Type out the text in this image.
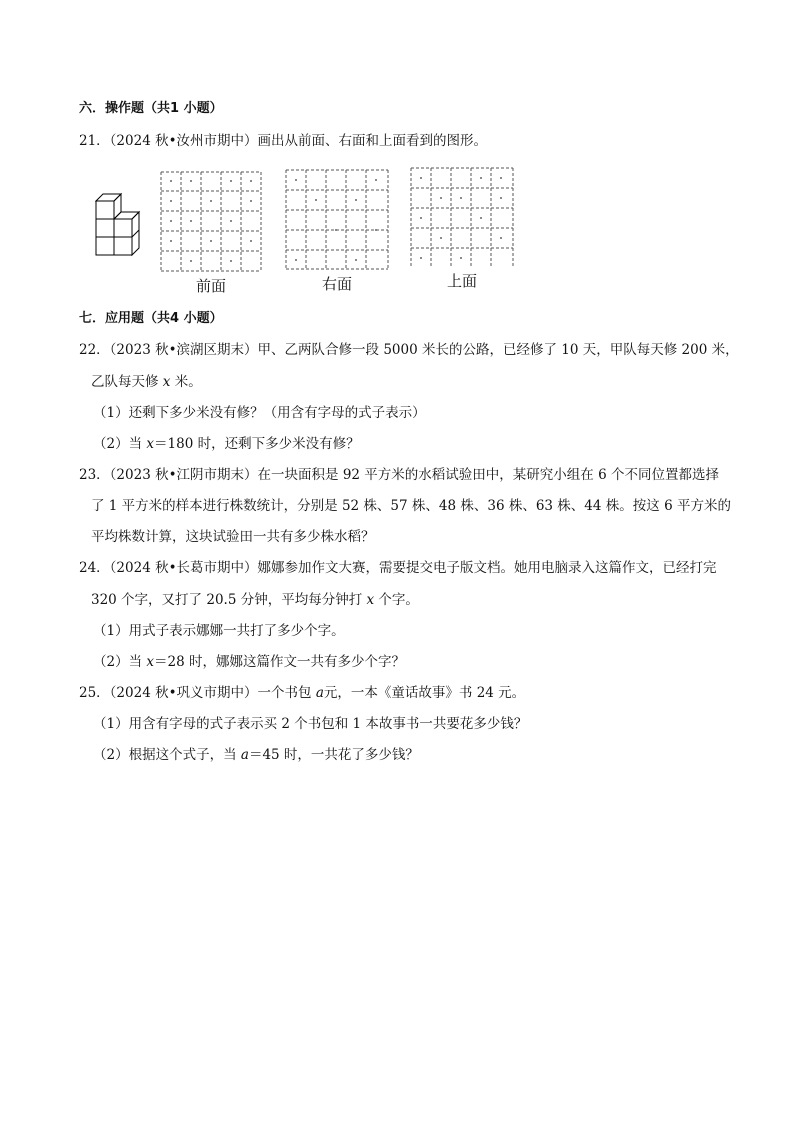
六．操作题（共1 小题）
21．（2024 秋•汝州市期中）画出从前面、右面和上面看到的图形。
前面	右面	上面
七．应用题（共4 小题）
22．（2023 秋•滨湖区期末）甲、乙两队合修一段 5000 米长的公路，已经修了 10 天，甲队每天修 200 米，
乙队每天修 x 米。
（1）还剩下多少米没有修？（用含有字母的式子表示）
（2）当 x＝180 时，还剩下多少米没有修？
23．（2023 秋•江阴市期末）在一块面积是 92 平方米的水稻试验田中，某研究小组在 6 个不同位置都选择
了 1 平方米的样本进行株数统计，分别是 52 株、57 株、48 株、36 株、63 株、44 株。按这 6 平方米的
平均株数计算，这块试验田一共有多少株水稻？
24．（2024 秋•长葛市期中）娜娜参加作文大赛，需要提交电子版文档。她用电脑录入这篇作文，已经打完
320 个字，又打了 20.5 分钟，平均每分钟打 x 个字。
（1）用式子表示娜娜一共打了多少个字。
（2）当 x＝28 时，娜娜这篇作文一共有多少个字？
25．（2024 秋•巩义市期中）一个书包 a元，一本《童话故事》书 24 元。
（1）用含有字母的式子表示买 2 个书包和 1 本故事书一共要花多少钱？
（2）根据这个式子，当 a＝45 时，一共花了多少钱？
